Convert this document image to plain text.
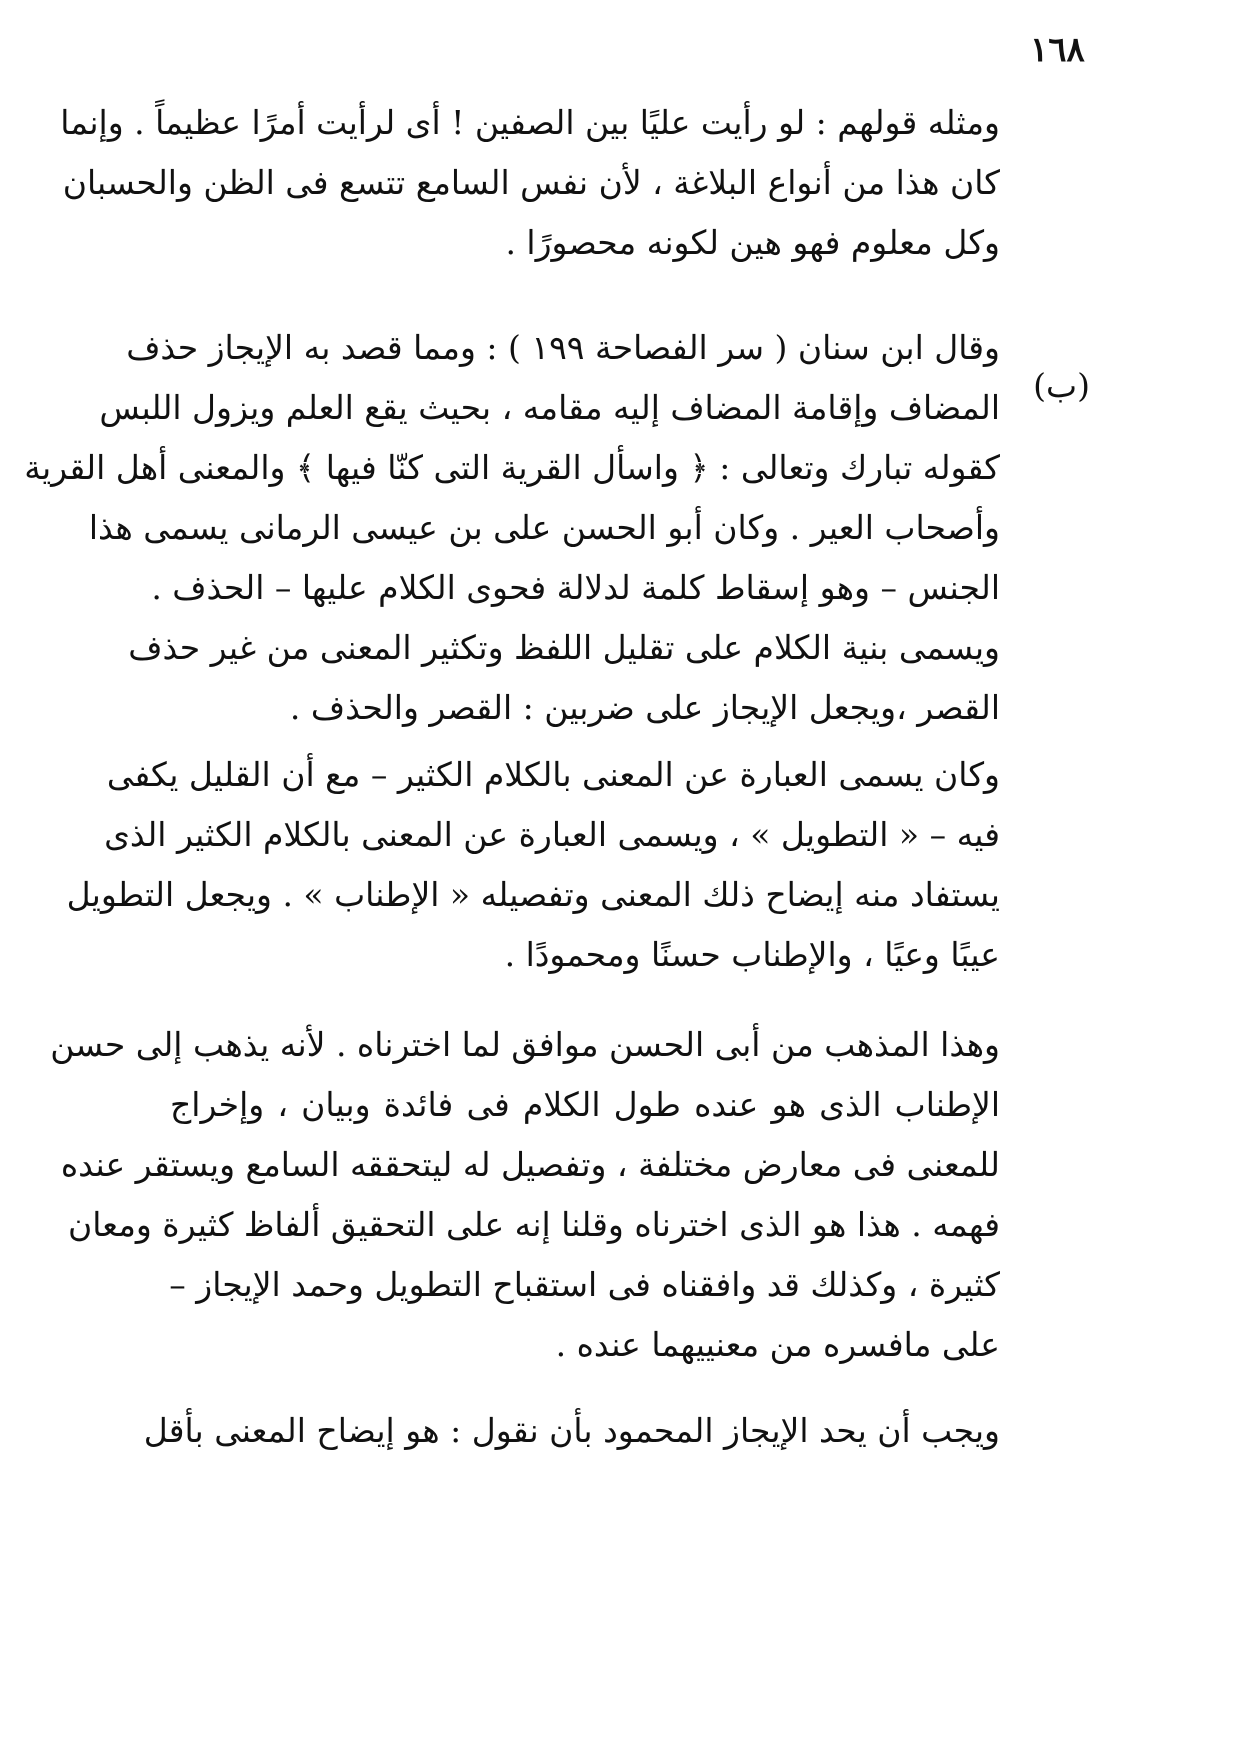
١٦٨
ومثله قولهم : لو رأيت عليًا بين الصفين ! أى لرأيت أمرًا عظيماً . وإنما
كان هذا من أنواع البلاغة ، لأن نفس السامع تتسع فى الظن والحسبان
وكل معلوم فهو هين لكونه محصورًا .
(ب)
وقال ابن سنان ( سر الفصاحة ١٩٩ ) : ومما قصد به الإيجاز حذف
المضاف وإقامة المضاف إليه مقامه ، بحيث يقع العلم ويزول اللبس
كقوله تبارك وتعالى : ﴿ واسأل القرية التى كنّا فيها ﴾ والمعنى أهل القرية
وأصحاب العير . وكان أبو الحسن على بن عيسى الرمانى يسمى هذا
الجنس – وهو إسقاط كلمة لدلالة فحوى الكلام عليها – الحذف .
ويسمى بنية الكلام على تقليل اللفظ وتكثير المعنى من غير حذف
القصر ،ويجعل الإيجاز على ضربين : القصر والحذف .
وكان يسمى العبارة عن المعنى بالكلام الكثير – مع أن القليل يكفى
فيه – « التطويل » ، ويسمى العبارة عن المعنى بالكلام الكثير الذى
يستفاد منه إيضاح ذلك المعنى وتفصيله « الإطناب » . ويجعل التطويل
عيبًا وعيًا ، والإطناب حسنًا ومحمودًا .
وهذا المذهب من أبى الحسن موافق لما اخترناه . لأنه يذهب إلى حسن
الإطناب الذى هو عنده طول الكلام فى فائدة وبيان ، وإخراج
للمعنى فى معارض مختلفة ، وتفصيل له ليتحققه السامع ويستقر عنده
فهمه . هذا هو الذى اخترناه وقلنا إنه على التحقيق ألفاظ كثيرة ومعان
كثيرة ، وكذلك قد وافقناه فى استقباح التطويل وحمد الإيجاز –
على مافسره من معنييهما عنده .
ويجب أن يحد الإيجاز المحمود بأن نقول : هو إيضاح المعنى بأقل
